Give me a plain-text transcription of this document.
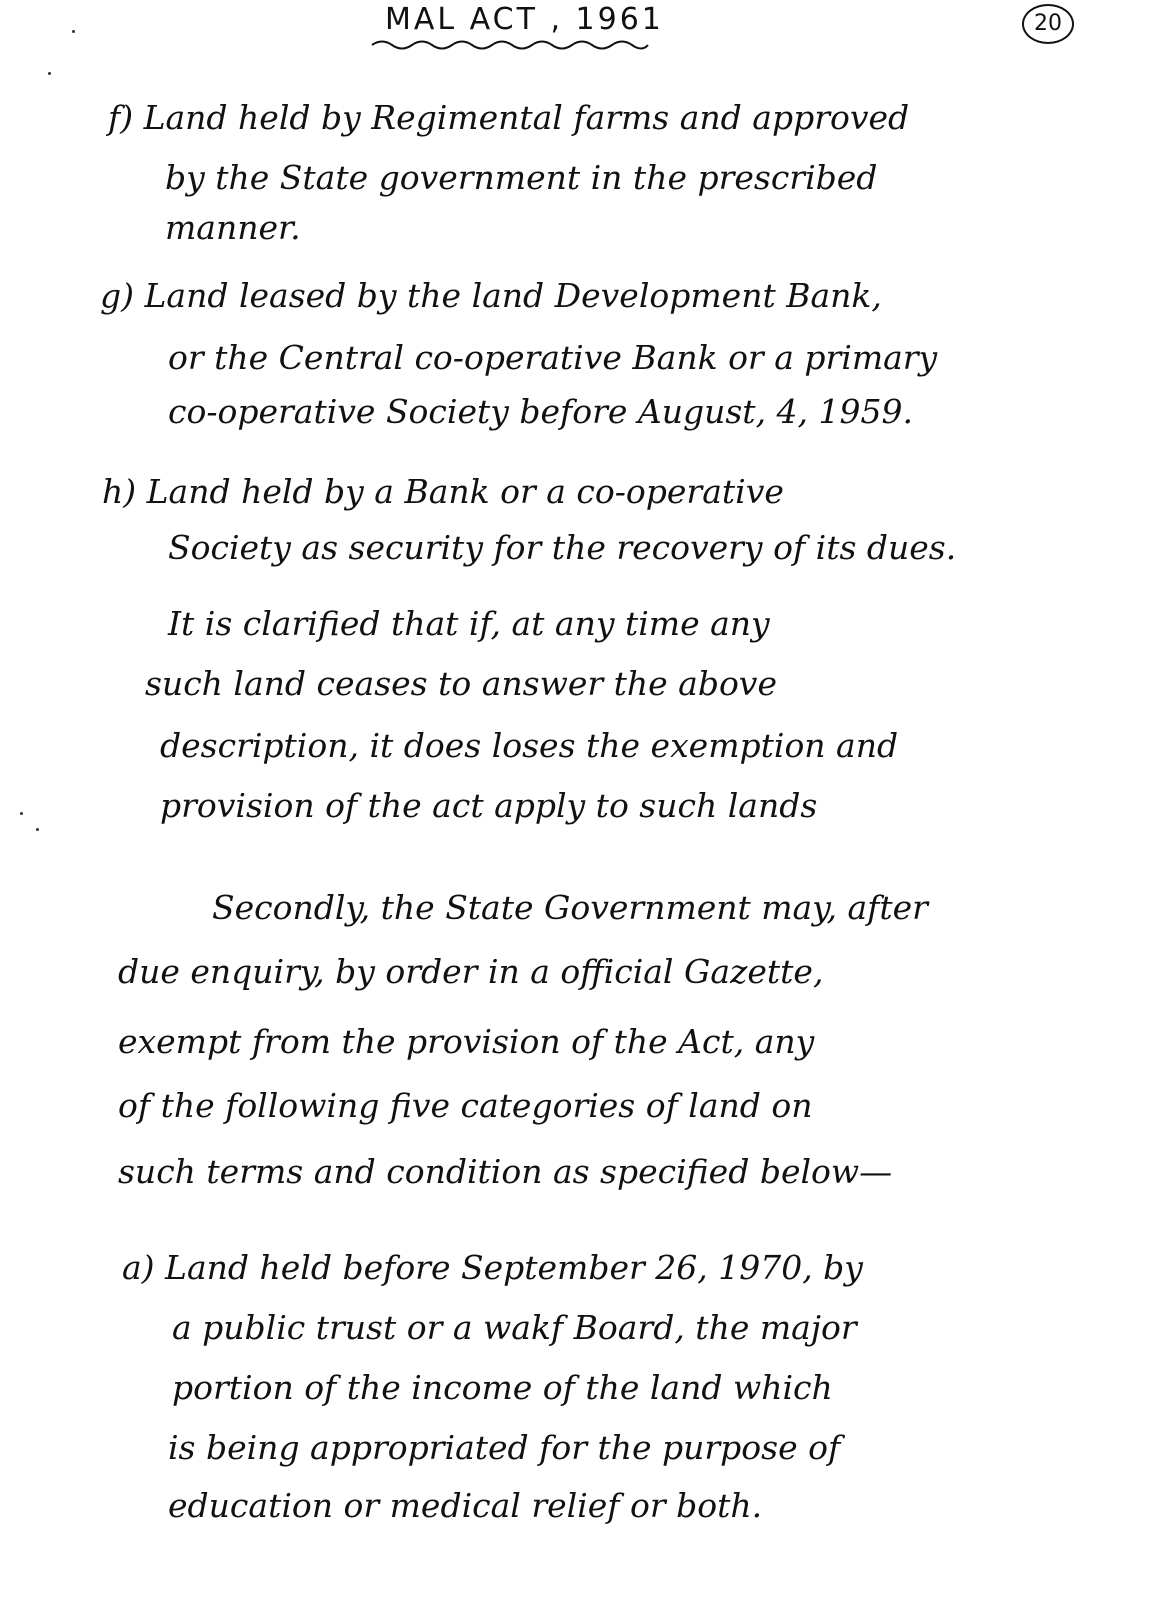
MAL ACT , 1961	20
f) Land held by Regimental farms and approved
by the State government in the prescribed
manner.
g) Land leased by the land Development Bank,
or the Central co-operative Bank or a primary
co-operative Society before August, 4, 1959.
h) Land held by a Bank or a co-operative
Society as security for the recovery of its dues.
It is clarified that if, at any time any
such land ceases to answer the above
description, it does loses the exemption and
provision of the act apply to such lands
Secondly, the State Government may, after
due enquiry, by order in a official Gazette,
exempt from the provision of the Act, any
of the following five categories of land on
such terms and condition as specified below—
a) Land held before September 26, 1970, by
a public trust or a wakf Board, the major
portion of the income of the land which
is being appropriated for the purpose of
education or medical relief or both.
